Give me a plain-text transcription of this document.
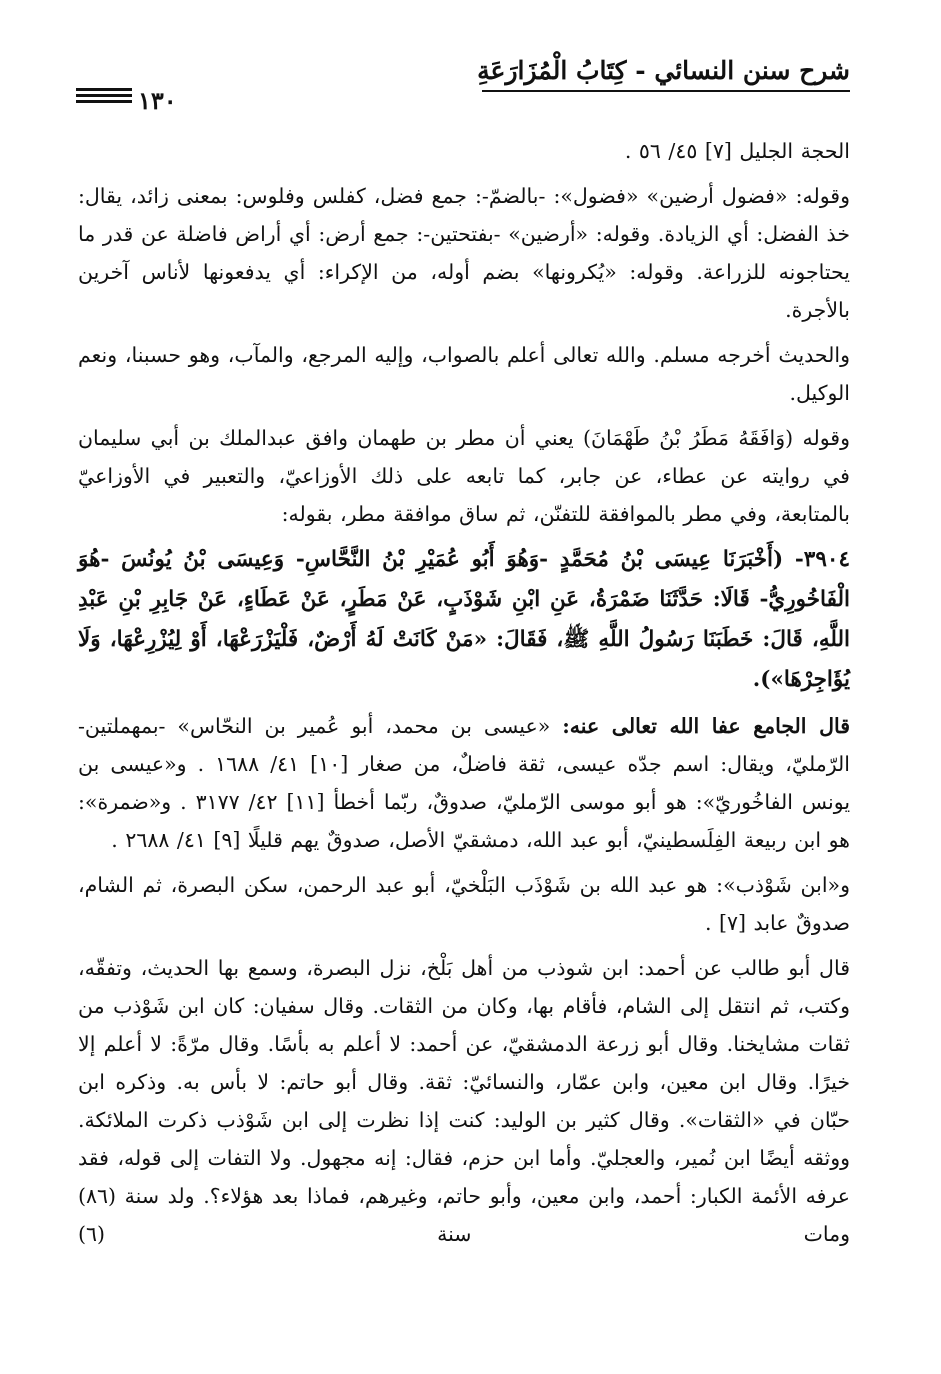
شرح سنن النسائي - كِتَابُ الْمُزَارَعَةِ
١٣٠

الحجة الجليل [٧] ٤٥/ ٥٦ .

وقوله: «فضول أرضين» «فضول»: -بالضمّ-: جمع فضل، كفلس وفلوس: بمعنى زائد، يقال: خذ الفضل: أي الزيادة. وقوله: «أرضين» -بفتحتين-: جمع أرض: أي أراض فاضلة عن قدر ما يحتاجونه للزراعة. وقوله: «يُكرونها» بضم أوله، من الإكراء: أي يدفعونها لأناس آخرين بالأجرة.

والحديث أخرجه مسلم. والله تعالى أعلم بالصواب، وإليه المرجع، والمآب، وهو حسبنا، ونعم الوكيل.

وقوله (وَافَقَهُ مَطَرُ بْنُ طَهْمَانَ) يعني أن مطر بن طهمان وافق عبدالملك بن أبي سليمان في روايته عن عطاء، عن جابر، كما تابعه على ذلك الأوزاعيّ، والتعبير في الأوزاعيّ بالمتابعة، وفي مطر بالموافقة للتفنّن، ثم ساق موافقة مطر، بقوله:

٣٩٠٤- (أَخْبَرَنَا عِيسَى بْنُ مُحَمَّدٍ -وَهُوَ أَبُو عُمَيْرِ بْنُ النَّحَّاسِ- وَعِيسَى بْنُ يُونُسَ -هُوَ الْفَاخُورِيُّ- قَالَا: حَدَّثَنَا ضَمْرَةُ، عَنِ ابْنِ شَوْذَبٍ، عَنْ مَطَرٍ، عَنْ عَطَاءٍ، عَنْ جَابِرِ بْنِ عَبْدِ اللَّهِ، قَالَ: خَطَبَنَا رَسُولُ اللَّهِ ﷺ، فَقَالَ: «مَنْ كَانَتْ لَهُ أَرْضٌ، فَلْيَزْرَعْهَا، أَوْ لِيُزْرِعْهَا، وَلَا يُؤَاجِرْهَا»).

قال الجامع عفا الله تعالى عنه: «عيسى بن محمد، أبو عُمير بن النحّاس» -بمهملتين- الرّمليّ، ويقال: اسم جدّه عيسى، ثقة فاضلٌ، من صغار [١٠] ٤١/ ١٦٨٨ . و«عيسى بن يونس الفاخُوريّ»: هو أبو موسى الرّمليّ، صدوقٌ، ربّما أخطأ [١١] ٤٢/ ٣١٧٧ . و«ضمرة»: هو ابن ربيعة الفِلَسطينيّ، أبو عبد الله، دمشقيّ الأصل، صدوقٌ يهم قليلًا [٩] ٤١/ ٢٦٨٨ .

و«ابن شَوْذب»: هو عبد الله بن شَوْذَب البَلْخيّ، أبو عبد الرحمن، سكن البصرة، ثم الشام، صدوقٌ عابد [٧] .

قال أبو طالب عن أحمد: ابن شوذب من أهل بَلْخ، نزل البصرة، وسمع بها الحديث، وتفقّه، وكتب، ثم انتقل إلى الشام، فأقام بها، وكان من الثقات. وقال سفيان: كان ابن شَوْذب من ثقات مشايخنا. وقال أبو زرعة الدمشقيّ، عن أحمد: لا أعلم به بأسًا. وقال مرّةً: لا أعلم إلا خيرًا. وقال ابن معين، وابن عمّار، والنسائيّ: ثقة. وقال أبو حاتم: لا بأس به. وذكره ابن حبّان في «الثقات». وقال كثير بن الوليد: كنت إذا نظرت إلى ابن شَوْذب ذكرت الملائكة. ووثقه أيضًا ابن نُمير، والعجليّ. وأما ابن حزم، فقال: إنه مجهول. ولا التفات إلى قوله، فقد عرفه الأئمة الكبار: أحمد، وابن معين، وأبو حاتم، وغيرهم، فماذا بعد هؤلاء؟. ولد سنة (٨٦) ومات سنة (٦)
